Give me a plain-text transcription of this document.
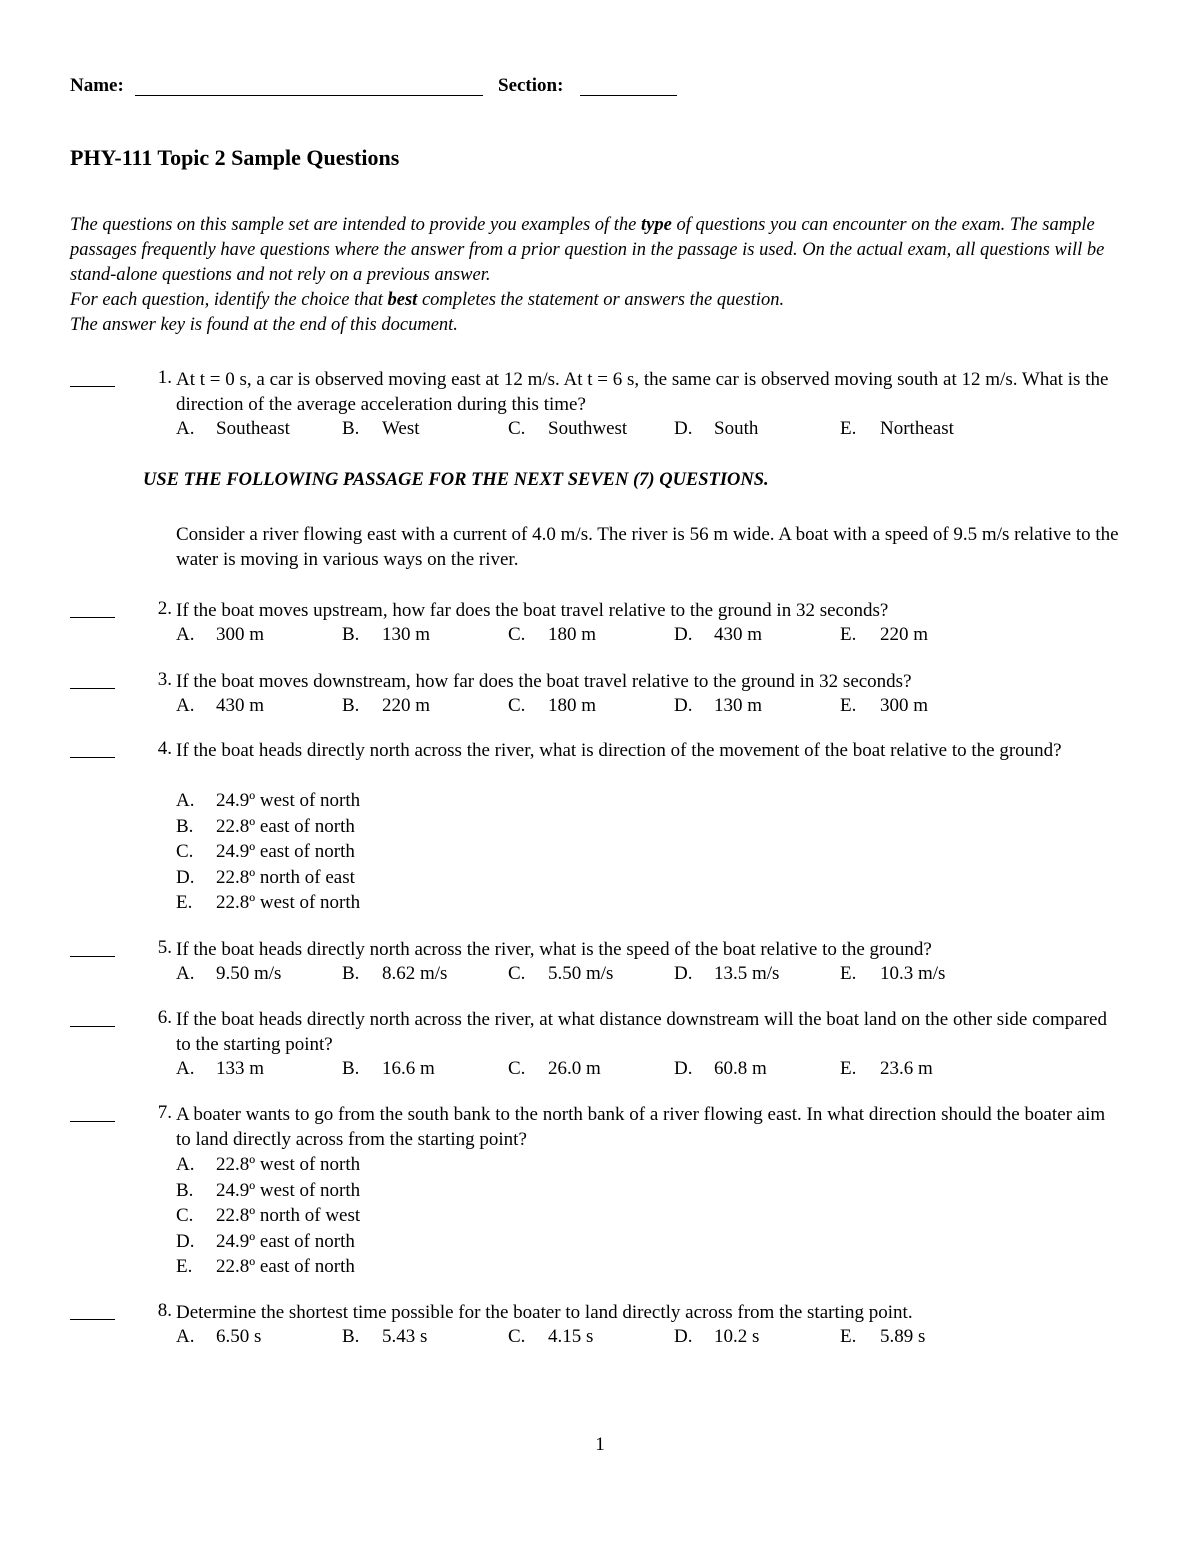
Name:	Section:
PHY-111 Topic 2 Sample Questions

The questions on this sample set are intended to provide you examples of the type of questions you can encounter on the exam. The sample passages frequently have questions where the answer from a prior question in the passage is used. On the actual exam, all questions will be stand-alone questions and not rely on a previous answer.

For each question, identify the choice that best completes the statement or answers the question.

The answer key is found at the end of this document.

1. At t = 0 s, a car is observed moving east at 12 m/s. At t = 6 s, the same car is observed moving south at 12 m/s. What is the direction of the average acceleration during this time?
A. Southeast	B. West	C. Southwest D. South	E. Northeast
USE THE FOLLOWING PASSAGE FOR THE NEXT SEVEN (7) QUESTIONS.
Consider a river flowing east with a current of 4.0 m/s. The river is 56 m wide. A boat with a speed of 9.5 m/s relative to the water is moving in various ways on the river.
2. If the boat moves upstream, how far does the boat travel relative to the ground in 32 seconds?
A. 300 m	B. 130 m	C. 180 m	D. 430 m	E. 220 m
3. If the boat moves downstream, how far does the boat travel relative to the ground in 32 seconds?
A. 430 m	B. 220 m	C. 180 m	D. 130 m	E. 300 m
4. If the boat heads directly north across the river, what is direction of the movement of the boat relative to the ground?
A. 24.9º west of north
B. 22.8º east of north
C. 24.9º east of north
D. 22.8º north of east
E. 22.8º west of north
5. If the boat heads directly north across the river, what is the speed of the boat relative to the ground?
A. 9.50 m/s	B. 8.62 m/s	C. 5.50 m/s	D. 13.5 m/s	E. 10.3 m/s
6. If the boat heads directly north across the river, at what distance downstream will the boat land on the other side compared to the starting point?
A. 133 m	B. 16.6 m	C. 26.0 m	D. 60.8 m	E. 23.6 m
7. A boater wants to go from the south bank to the north bank of a river flowing east. In what direction should the boater aim to land directly across from the starting point?
A. 22.8º west of north
B. 24.9º west of north
C. 22.8º north of west
D. 24.9º east of north
E. 22.8º east of north
8. Determine the shortest time possible for the boater to land directly across from the starting point.
A. 6.50 s	B. 5.43 s	C. 4.15 s	D. 10.2 s	E. 5.89 s
1
